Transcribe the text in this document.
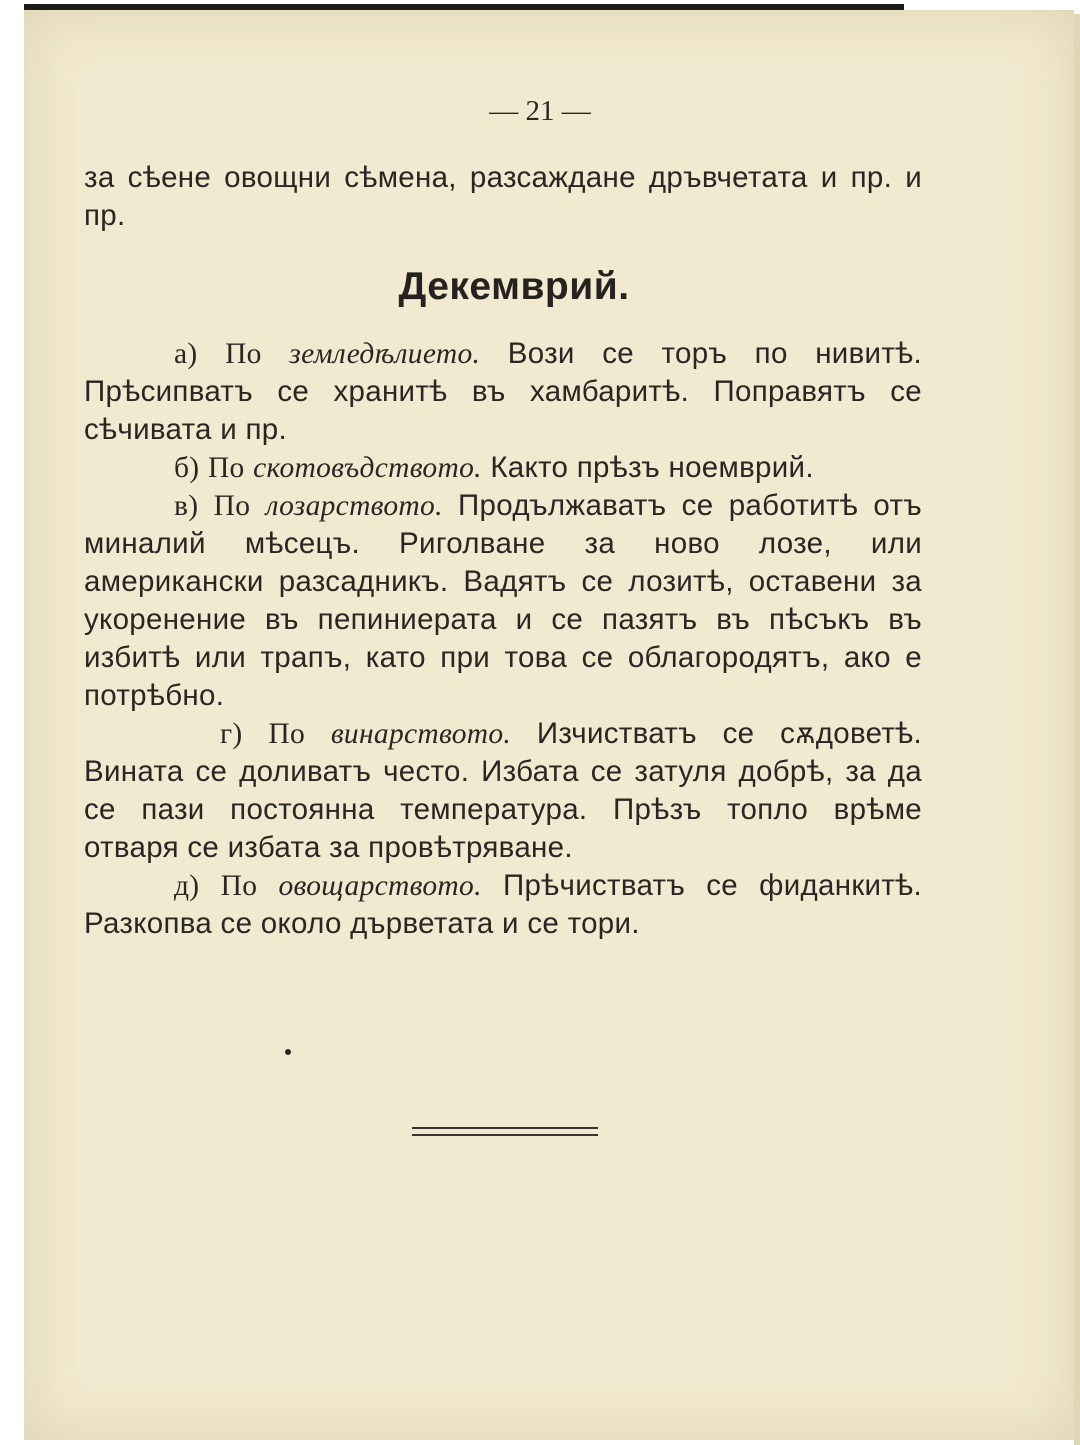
— 21 —

за сѣене овощни сѣмена, разсаждане дръвчетата и пр. и пр.

Декемврий.

а) По земледѣлието. Вози се торъ по нивитѣ. Прѣсипватъ се хранитѣ въ хамбаритѣ. Поправятъ се сѣчивата и пр.

б) По скотовъдството. Както прѣзъ ноемврий.

в) По лозарството. Продължаватъ се работитѣ отъ миналий мѣсецъ. Риголване за ново лозе, или американски разсадникъ. Вадятъ се лозитѣ, оставени за укоренение въ пепиниерата и се пазятъ въ пѣсъкъ въ избитѣ или трапъ, като при това се облагородятъ, ако е потрѣбно.

г) По винарството. Изчистватъ се сѫдоветѣ. Вината се доливатъ често. Избата се затуля добрѣ, за да се пази постоянна температура. Прѣзъ топло врѣме отваря се избата за провѣтряване.

д) По овощарството. Прѣчистватъ се фиданкитѣ. Разкопва се около дърветата и се тори.
